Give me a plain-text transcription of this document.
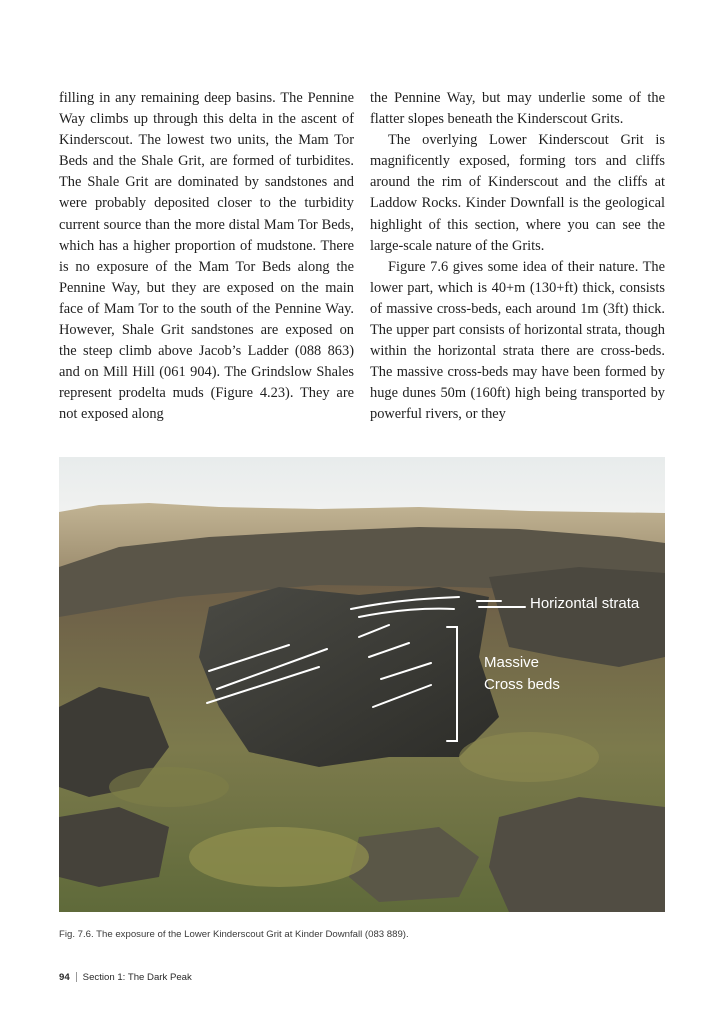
filling in any remaining deep basins. The Pennine Way climbs up through this delta in the ascent of Kinderscout. The lowest two units, the Mam Tor Beds and the Shale Grit, are formed of turbidites. The Shale Grit are dominated by sandstones and were probably deposited closer to the turbidity current source than the more distal Mam Tor Beds, which has a higher proportion of mudstone. There is no exposure of the Mam Tor Beds along the Pennine Way, but they are exposed on the main face of Mam Tor to the south of the Pennine Way. However, Shale Grit sandstones are exposed on the steep climb above Jacob’s Ladder (088 863) and on Mill Hill (061 904). The Grindslow Shales represent prodelta muds (Figure 4.23). They are not exposed along

the Pennine Way, but may underlie some of the flatter slopes beneath the Kinderscout Grits.

The overlying Lower Kinderscout Grit is magnificently exposed, forming tors and cliffs around the rim of Kinderscout and the cliffs at Laddow Rocks. Kinder Downfall is the geological highlight of this section, where you can see the large-scale nature of the Grits.

Figure 7.6 gives some idea of their nature. The lower part, which is 40+m (130+ft) thick, consists of massive cross-beds, each around 1m (3ft) thick. The upper part consists of horizontal strata, though within the horizontal strata there are cross-beds. The massive cross-beds may have been formed by huge dunes 50m (160ft) high being transported by powerful rivers, or they

Horizontal strata
Massive
Cross beds
Fig. 7.6. The exposure of the Lower Kinderscout Grit at Kinder Downfall (083 889).
94 Section 1: The Dark Peak
